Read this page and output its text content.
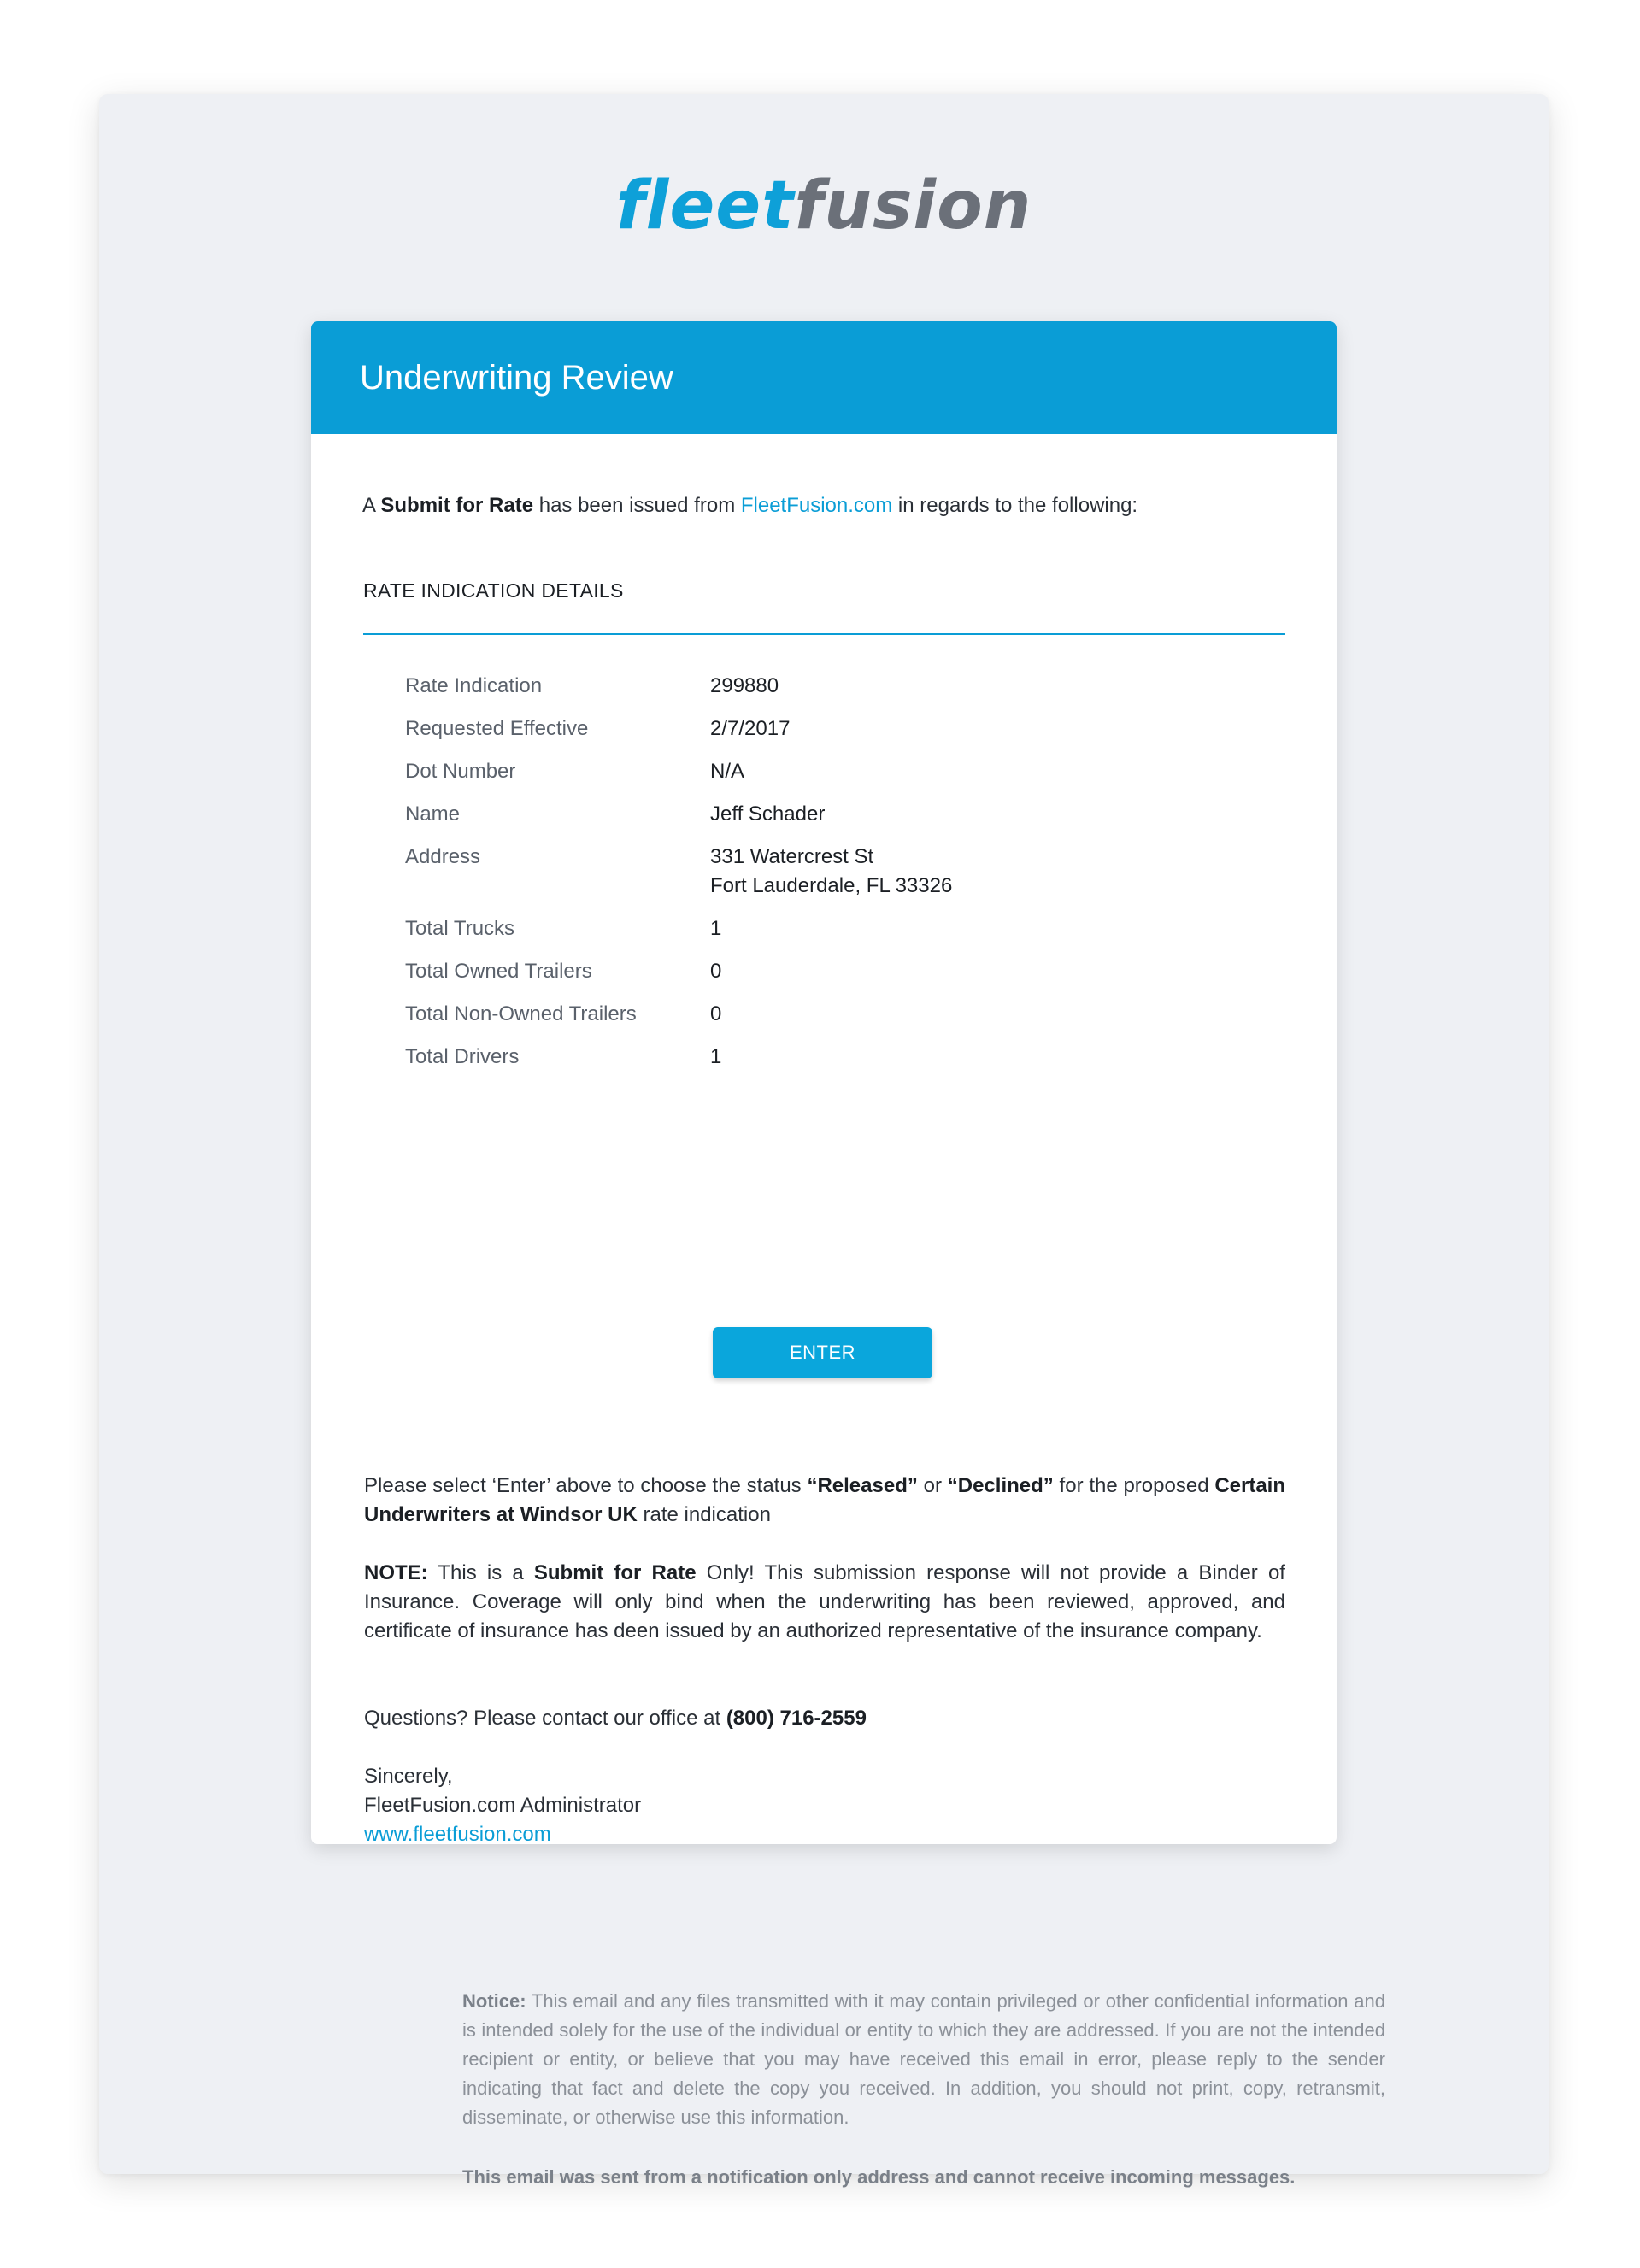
fleetfusion
Underwriting Review
A Submit for Rate has been issued from FleetFusion.com in regards to the following:
RATE INDICATION DETAILS
Rate Indication	299880
Requested Effective	2/7/2017
Dot Number	N/A
Name	Jeff Schader
Address	331 Watercrest St
Fort Lauderdale, FL 33326
Total Trucks	1
Total Owned Trailers	0
Total Non-Owned Trailers	0
Total Drivers	1
ENTER
Please select ‘Enter’ above to choose the status “Released” or “Declined” for the proposed Certain Underwriters at Windsor UK rate indication
NOTE: This is a Submit for Rate Only! This submission response will not provide a Binder of Insurance. Coverage will only bind when the underwriting has been reviewed, approved, and certificate of insurance has deen issued by an authorized representative of the insurance company.
Questions? Please contact our office at (800) 716-2559
Sincerely,
FleetFusion.com Administrator
www.fleetfusion.com
Notice: This email and any files transmitted with it may contain privileged or other confidential information and is intended solely for the use of the individual or entity to which they are addressed. If you are not the intended recipient or entity, or believe that you may have received this email in error, please reply to the sender indicating that fact and delete the copy you received. In addition, you should not print, copy, retransmit, disseminate, or otherwise use this information.
This email was sent from a notification only address and cannot receive incoming messages.
